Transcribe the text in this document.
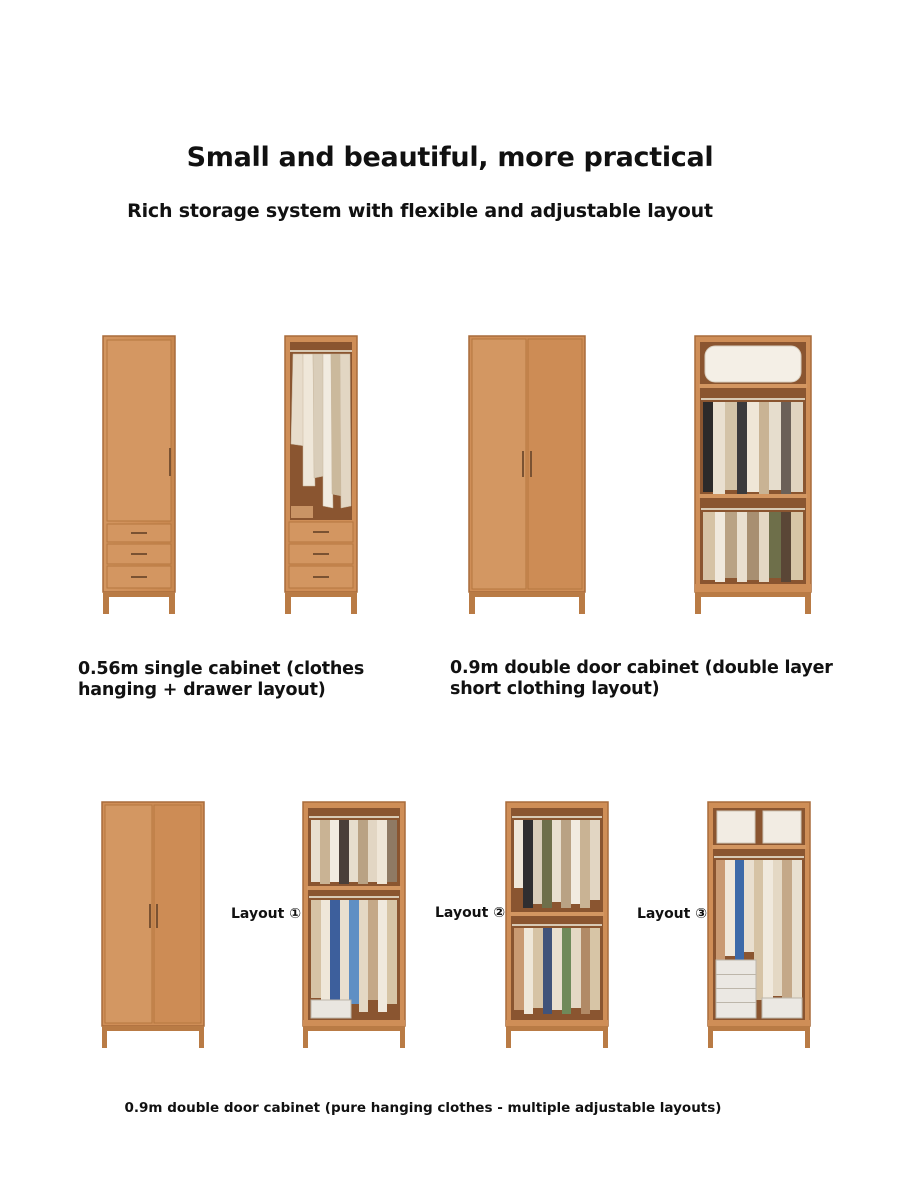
Small and beautiful, more practical
Rich storage system with flexible and adjustable layout
0.56m single cabinet (clothes
hanging + drawer layout)
0.9m double door cabinet (double layer
short clothing layout)
Layout ①	Layout ②	Layout ③
0.9m double door cabinet (pure hanging clothes - multiple adjustable layouts)
